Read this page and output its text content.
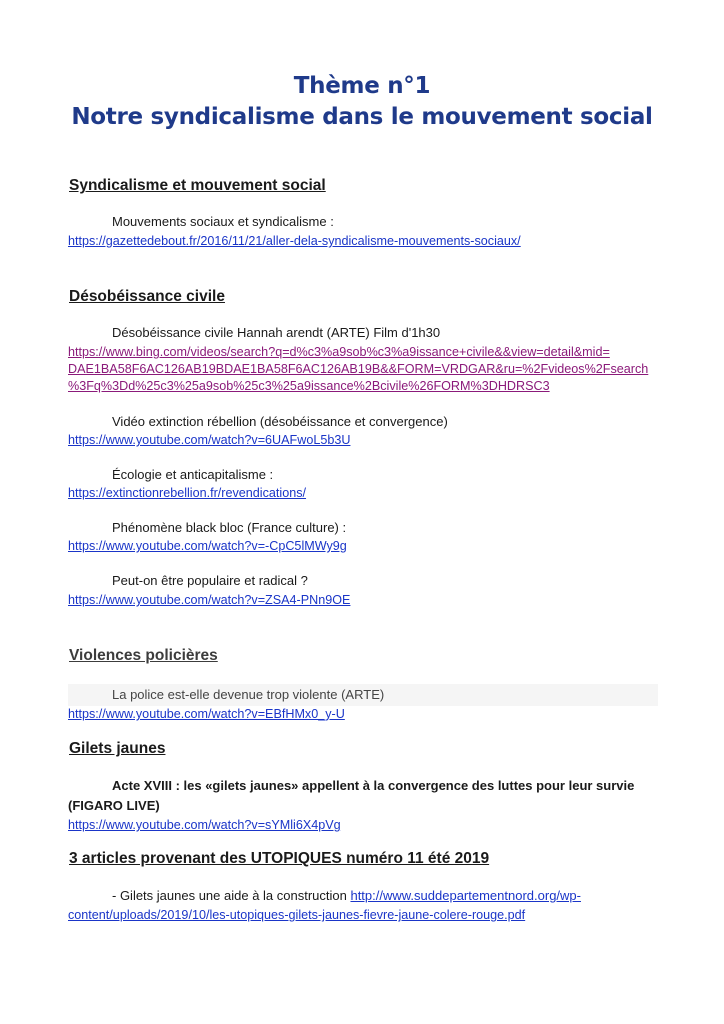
Thème n°1
Notre syndicalisme dans le mouvement social
Syndicalisme et mouvement social
Mouvements sociaux et syndicalisme :
https://gazettedebout.fr/2016/11/21/aller-dela-syndicalisme-mouvements-sociaux/
Désobéissance civile
Désobéissance civile Hannah arendt (ARTE) Film d'1h30
https://www.bing.com/videos/search?q=d%c3%a9sob%c3%a9issance+civile&&view=detail&mid=
DAE1BA58F6AC126AB19BDAE1BA58F6AC126AB19B&&FORM=VRDGAR&ru=%2Fvideos%2Fsearch
%3Fq%3Dd%25c3%25a9sob%25c3%25a9issance%2Bcivile%26FORM%3DHDRSC3
Vidéo extinction rébellion (désobéissance et convergence)
https://www.youtube.com/watch?v=6UAFwoL5b3U
Écologie et anticapitalisme :
https://extinctionrebellion.fr/revendications/
Phénomène black bloc (France culture) :
https://www.youtube.com/watch?v=-CpC5lMWy9g
Peut-on être populaire et radical ?
https://www.youtube.com/watch?v=ZSA4-PNn9OE
Violences policières
La police est-elle devenue trop violente (ARTE)
https://www.youtube.com/watch?v=EBfHMx0_y-U
Gilets jaunes
Acte XVIII : les «gilets jaunes» appellent à la convergence des luttes pour leur survie
(FIGARO LIVE)
https://www.youtube.com/watch?v=sYMli6X4pVg
3 articles provenant des UTOPIQUES numéro 11 été 2019
- Gilets jaunes une aide à la construction http://www.suddepartementnord.org/wp-
content/uploads/2019/10/les-utopiques-gilets-jaunes-fievre-jaune-colere-rouge.pdf
